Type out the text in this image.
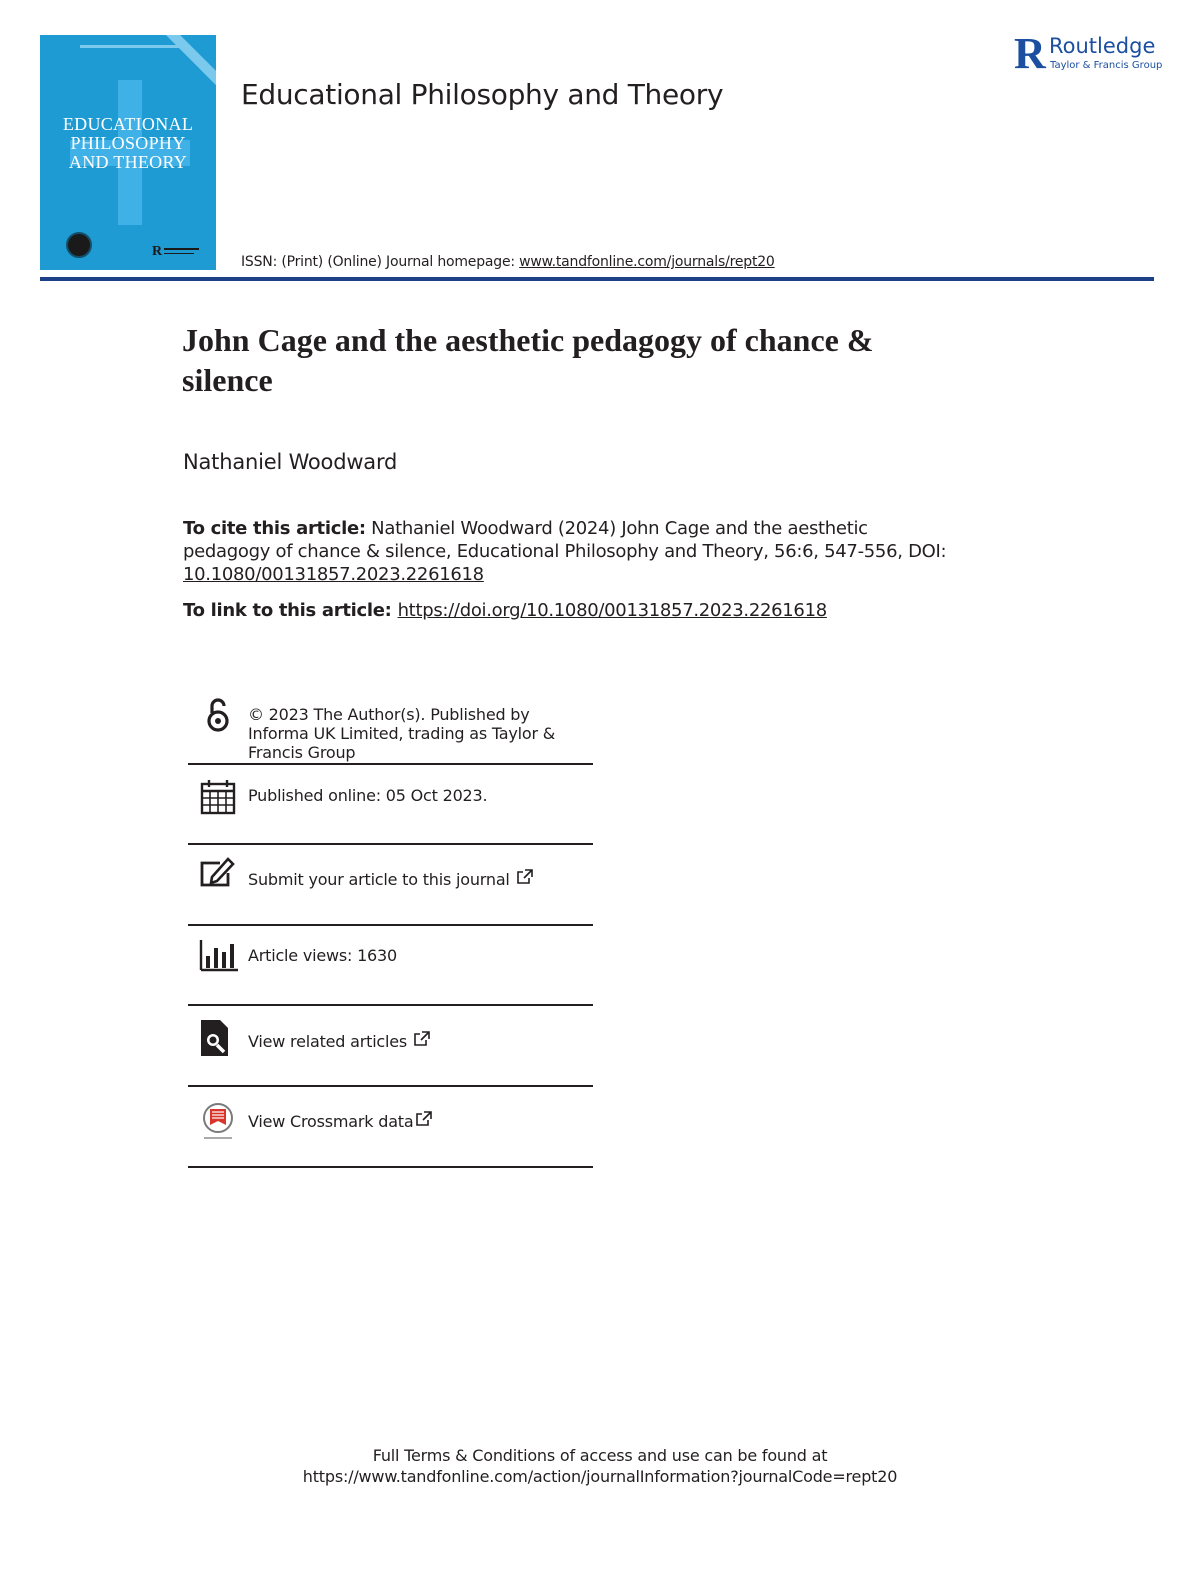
EDUCATIONAL
PHILOSOPHY
AND THEORY
R
Educational Philosophy and Theory
R Routledge
Taylor & Francis Group
ISSN: (Print) (Online) Journal homepage: www.tandfonline.com/journals/rept20
John Cage and the aesthetic pedagogy of chance & silence
Nathaniel Woodward
To cite this article: Nathaniel Woodward (2024) John Cage and the aesthetic pedagogy of chance & silence, Educational Philosophy and Theory, 56:6, 547-556, DOI: 10.1080/00131857.2023.2261618
To link to this article: https://doi.org/10.1080/00131857.2023.2261618
© 2023 The Author(s). Published by Informa UK Limited, trading as Taylor & Francis Group
Published online: 05 Oct 2023.
Submit your article to this journal
Article views: 1630
View related articles
View Crossmark data
Full Terms & Conditions of access and use can be found at
https://www.tandfonline.com/action/journalInformation?journalCode=rept20
